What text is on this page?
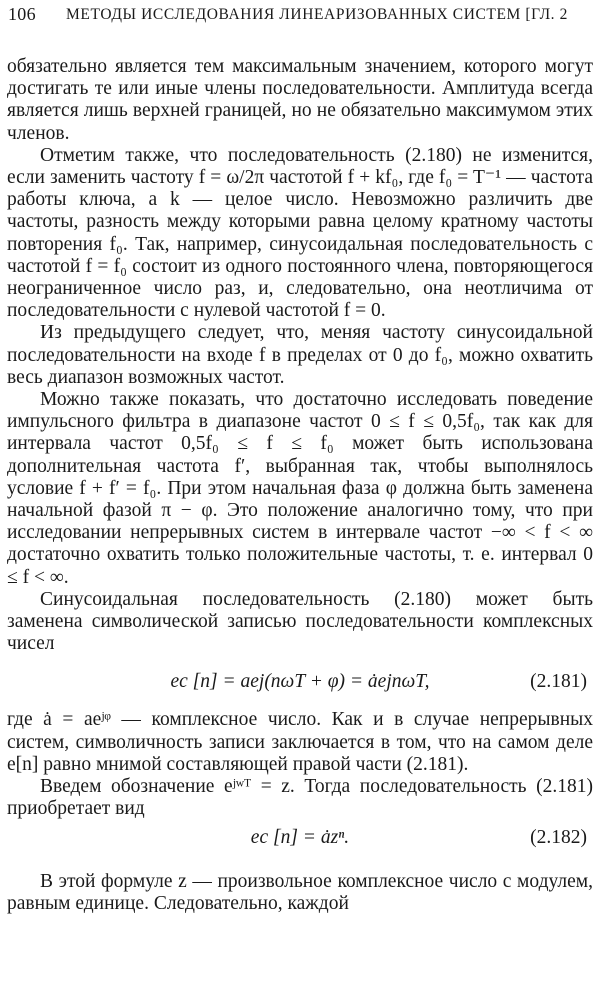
106 МЕТОДЫ ИССЛЕДОВАНИЯ ЛИНЕАРИЗОВАННЫХ СИСТЕМ [ГЛ. 2

обязательно является тем максимальным значением, которого могут достигать те или иные члены последовательности. Амплитуда всегда является лишь верхней границей, но не обязательно максимумом этих членов.

Отметим также, что последовательность (2.180) не изменится, если заменить частоту f = ω/2π частотой f + kf₀, где f₀ = T⁻¹ — частота работы ключа, а k — целое число. Невозможно различить две частоты, разность между которыми равна целому кратному частоты повторения f₀. Так, например, синусоидальная последовательность с частотой f = f₀ состоит из одного постоянного члена, повторяющегося неограниченное число раз, и, следовательно, она неотличима от последовательности с нулевой частотой f = 0.

Из предыдущего следует, что, меняя частоту синусоидальной последовательности на входе f в пределах от 0 до f₀, можно охватить весь диапазон возможных частот.

Можно также показать, что достаточно исследовать поведение импульсного фильтра в диапазоне частот 0 ≤ f ≤ 0,5f₀, так как для интервала частот 0,5f₀ ≤ f ≤ f₀ может быть использована дополнительная частота f′, выбранная так, чтобы выполнялось условие f + f′ = f₀. При этом начальная фаза φ должна быть заменена начальной фазой π − φ. Это положение аналогично тому, что при исследовании непрерывных систем в интервале частот −∞ < f < ∞ достаточно охватить только положительные частоты, т. е. интервал 0 ≤ f < ∞.

Синусоидальная последовательность (2.180) может быть заменена символической записью последовательности комплексных чисел

eс [n] = aej(nωT + φ) = ȧejnωT,	(2.181)

где ȧ = aeʲᵠ — комплексное число. Как и в случае непрерывных систем, символичность записи заключается в том, что на самом деле e[n] равно мнимой составляющей правой части (2.181).

Введем обозначение eʲʷᵀ = z. Тогда последовательность (2.181) приобретает вид

eс [n] = ȧzⁿ.	(2.182)

В этой формуле z — произвольное комплексное число с модулем, равным единице. Следовательно, каждой
